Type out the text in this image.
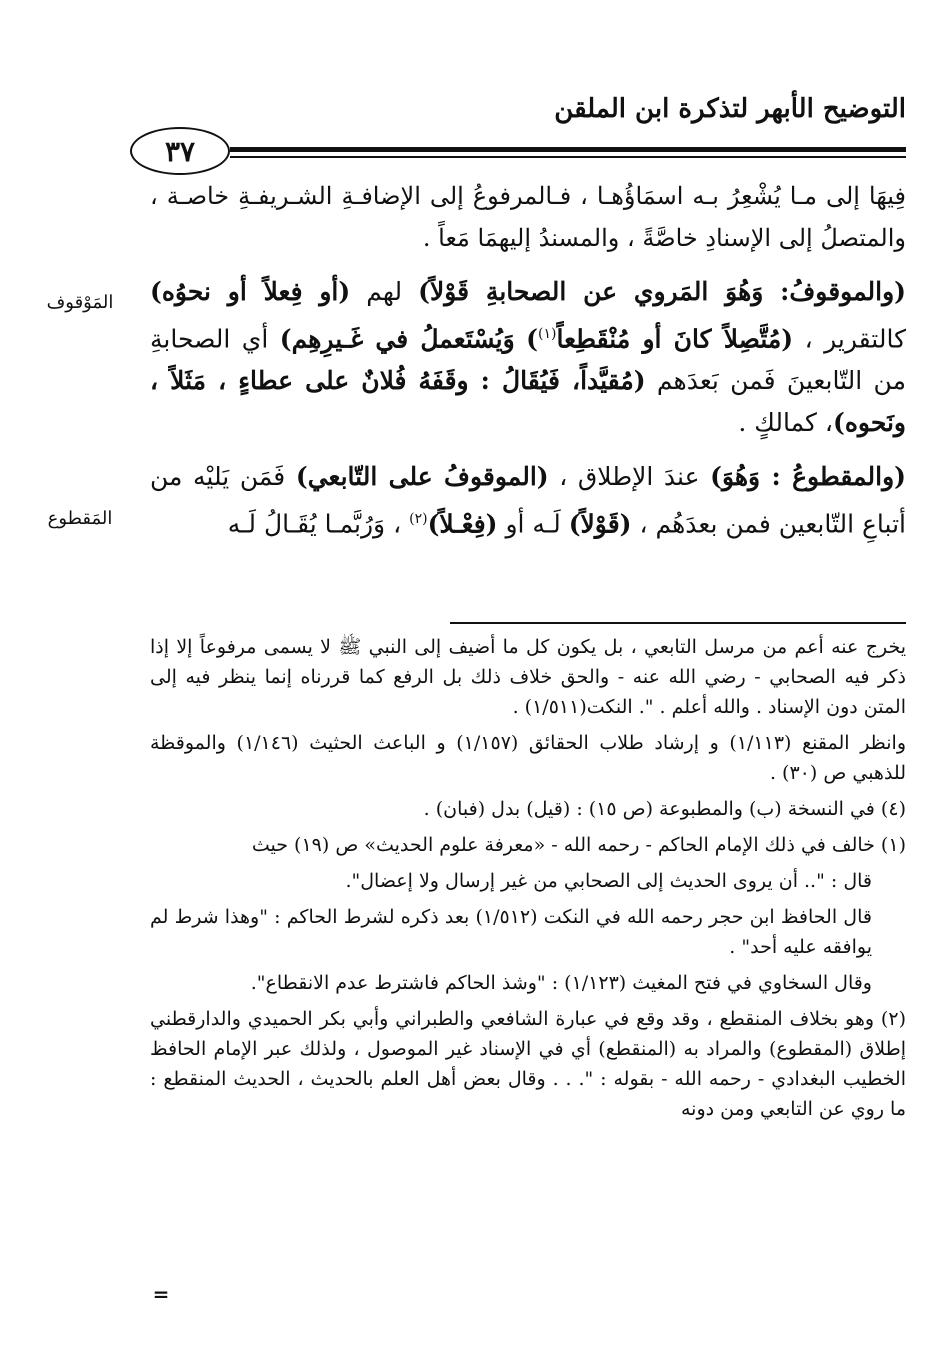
التوضيح الأبهر لتذكرة ابن الملقن
٣٧
المَوْقوف
المَقطوع

فِيهَا إلى مـا يُشْعِرُ بـه اسمَاؤُهـا ، فـالمرفوعُ إلى الإضافـةِ الشـريفـةِ خاصـة ، والمتصلُ إلى الإسنادِ خاصَّةً ، والمسندُ إليهمَا مَعاً .

(والموقوفُ: وَهُوَ المَروي عن الصحابةِ قَوْلاً) لهم (أو فِعلاً أو نحوُه) كالتقرير ، (مُتَّصِلاً كانَ أو مُنْقَطِعاً$^{(١)}$) وَيُسْتَعملُ في غَـيرِهِم) أي الصحابةِ من التّابعينَ فَمن بَعدَهم (مُقيَّداً، فَيُقَالُ : وقَفَهُ فُلانٌ على عطاءٍ ، مَثَلاً ، ونَحوه)، كمالكٍ .

(والمقطوعُ : وَهُوَ) عندَ الإطلاق ، (الموقوفُ على التّابعي) فَمَن يَليْه من أتباعِ التّابعين فمن بعدَهُم ، (قَوْلاً) لَـه أو (فِعْـلاً)$^{(٢)}$ ، وَرُبَّمـا يُقَـالُ لَـه

يخرج عنه أعم من مرسل التابعي ، بل يكون كل ما أضيف إلى النبي ﷺ لا يسمى مرفوعاً إلا إذا ذكر فيه الصحابي - رضي الله عنه - والحق خلاف ذلك بل الرفع كما قررناه إنما ينظر فيه إلى المتن دون الإسناد . والله أعلم . ". النكت(١/٥١١) .

وانظر المقنع (١/١١٣) و إرشاد طلاب الحقائق (١/١٥٧) و الباعث الحثيث (١/١٤٦) والموقظة للذهبي ص (٣٠) .

(٤) في النسخة (ب) والمطبوعة (ص ١٥) : (قيل) بدل (فبان) .

(١) خالف في ذلك الإمام الحاكم - رحمه الله - «معرفة علوم الحديث» ص (١٩) حيث

قال : ".. أن يروى الحديث إلى الصحابي من غير إرسال ولا إعضال".

قال الحافظ ابن حجر رحمه الله في النكت (١/٥١٢) بعد ذكره لشرط الحاكم : "وهذا شرط لم يوافقه عليه أحد" .

وقال السخاوي في فتح المغيث (١/١٢٣) : "وشذ الحاكم فاشترط عدم الانقطاع".

(٢) وهو بخلاف المنقطع ، وقد وقع في عبارة الشافعي والطبراني وأبي بكر الحميدي والدارقطني إطلاق (المقطوع) والمراد به (المنقطع) أي في الإسناد غير الموصول ، ولذلك عبر الإمام الحافظ الخطيب البغدادي - رحمه الله - بقوله : ". . . وقال بعض أهل العلم بالحديث ، الحديث المنقطع : ما روي عن التابعي ومن دونه

=
